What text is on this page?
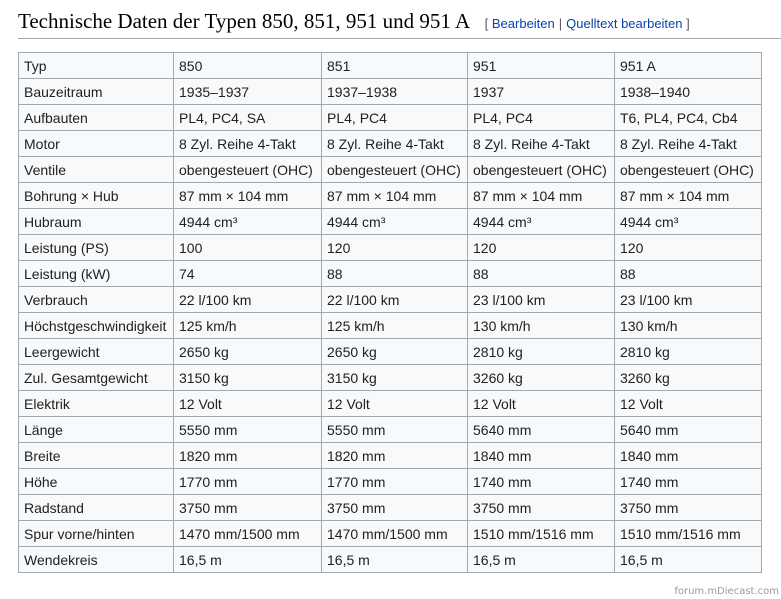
Technische Daten der Typen 850, 851, 951 und 951 A [ Bearbeiten | Quelltext bearbeiten ]
Typ	850	851	951	951 A
Bauzeitraum	1935–1937	1937–1938	1937	1938–1940
Aufbauten	PL4, PC4, SA	PL4, PC4	PL4, PC4	T6, PL4, PC4, Cb4
Motor	8 Zyl. Reihe 4-Takt	8 Zyl. Reihe 4-Takt	8 Zyl. Reihe 4-Takt	8 Zyl. Reihe 4-Takt
Ventile	obengesteuert (OHC)	obengesteuert (OHC)	obengesteuert (OHC)	obengesteuert (OHC)
Bohrung × Hub	87 mm × 104 mm	87 mm × 104 mm	87 mm × 104 mm	87 mm × 104 mm
Hubraum	4944 cm³	4944 cm³	4944 cm³	4944 cm³
Leistung (PS)	100	120	120	120
Leistung (kW)	74	88	88	88
Verbrauch	22 l/100 km	22 l/100 km	23 l/100 km	23 l/100 km
Höchstgeschwindigkeit	125 km/h	125 km/h	130 km/h	130 km/h
Leergewicht	2650 kg	2650 kg	2810 kg	2810 kg
Zul. Gesamtgewicht	3150 kg	3150 kg	3260 kg	3260 kg
Elektrik	12 Volt	12 Volt	12 Volt	12 Volt
Länge	5550 mm	5550 mm	5640 mm	5640 mm
Breite	1820 mm	1820 mm	1840 mm	1840 mm
Höhe	1770 mm	1770 mm	1740 mm	1740 mm
Radstand	3750 mm	3750 mm	3750 mm	3750 mm
Spur vorne/hinten	1470 mm/1500 mm	1470 mm/1500 mm	1510 mm/1516 mm	1510 mm/1516 mm
Wendekreis	16,5 m	16,5 m	16,5 m	16,5 m
forum.mDiecast.com
